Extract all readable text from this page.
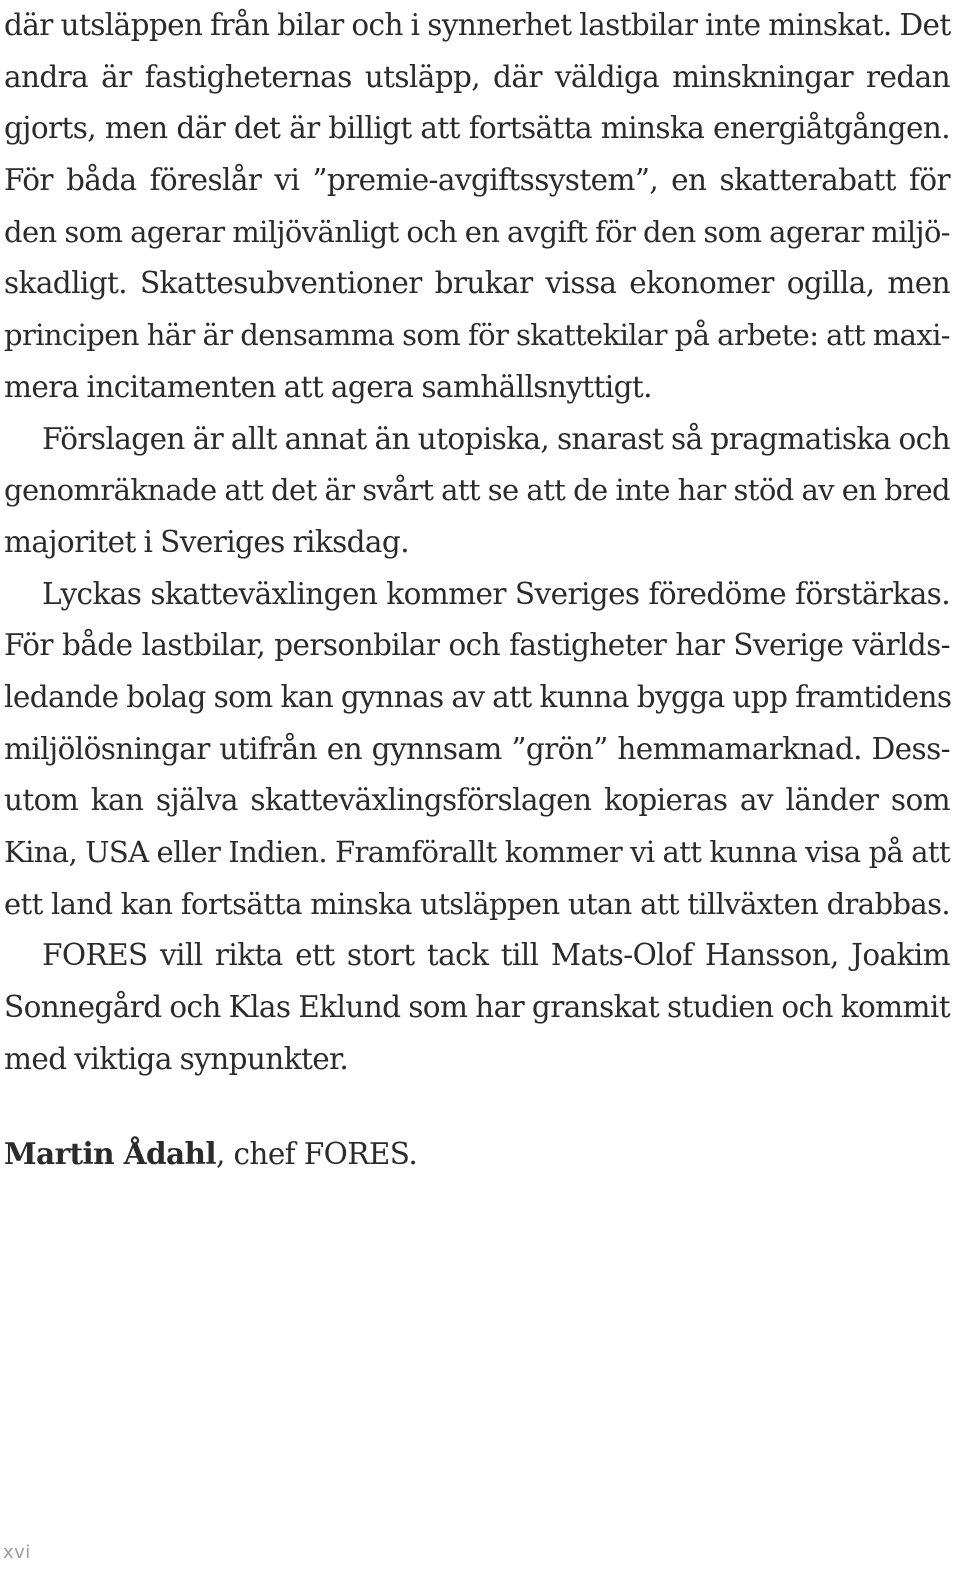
där utsläppen från bilar och i synnerhet lastbilar inte minskat. Det
andra är fastigheternas utsläpp, där väldiga minskningar redan
gjorts, men där det är billigt att fortsätta minska energiåtgången.
För båda föreslår vi ”premie-avgiftssystem”, en skatterabatt för
den som agerar miljövänligt och en avgift för den som agerar miljö-
skadligt. Skattesubventioner brukar vissa ekonomer ogilla, men
principen här är densamma som för skattekilar på arbete: att maxi-
mera incitamenten att agera samhällsnyttigt.
Förslagen är allt annat än utopiska, snarast så pragmatiska och
genomräknade att det är svårt att se att de inte har stöd av en bred
majoritet i Sveriges riksdag.
Lyckas skatteväxlingen kommer Sveriges föredöme förstärkas.
För både lastbilar, personbilar och fastigheter har Sverige världs-
ledande bolag som kan gynnas av att kunna bygga upp framtidens
miljölösningar utifrån en gynnsam ”grön” hemmamarknad. Dess-
utom kan själva skatteväxlingsförslagen kopieras av länder som
Kina, USA eller Indien. Framförallt kommer vi att kunna visa på att
ett land kan fortsätta minska utsläppen utan att tillväxten drabbas.
FORES vill rikta ett stort tack till Mats-Olof Hansson, Joakim
Sonnegård och Klas Eklund som har granskat studien och kommit
med viktiga synpunkter.
Martin Ådahl, chef FORES.
xvi
